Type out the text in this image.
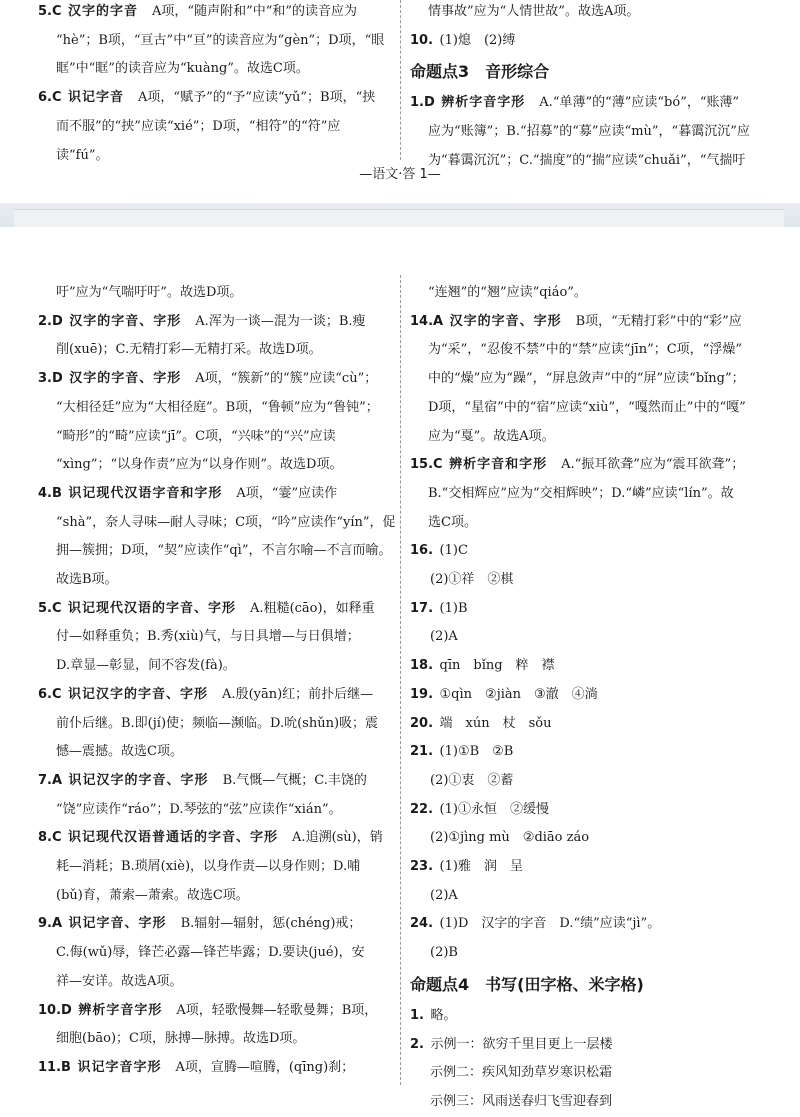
5.C 汉字的字音 A项，“随声附和”中“和”的读音应为
“hè”；B项，“亘古”中“亘”的读音应为“gèn”；D项，“眼
眶”中“眶”的读音应为“kuàng”。故选C项。
6.C 识记字音 A项，“赋予”的“予”应读“yǔ”；B项，“挟
而不服”的“挟”应读“xié”；D项，“相符”的“符”应
读“fú”。
情事故”应为“人情世故”。故选A项。
10. (1)熄　(2)缚
命题点3　音形综合
1.D 辨析字音字形 A.“单薄”的“薄”应读“bó”，“账薄”
应为“账簿”；B.“招募”的“募”应读“mù”，“暮霭沉沉”应
为“暮霭沉沉”；C.“揣度”的“揣”应读“chuǎi”，“气揣吁
—语文·答 1—
吁”应为“气喘吁吁”。故选D项。
2.D 汉字的字音、字形 A.浑为一谈—混为一谈；B.瘦
削(xuē)；C.无精打彩—无精打采。故选D项。
3.D 汉字的字音、字形 A项，“簇新”的“簇”应读“cù”；
“大相径廷”应为“大相径庭”。B项，“鲁顿”应为“鲁钝”；
“畸形”的“畸”应读“jī”。C项，“兴味”的“兴”应读
“xìng”；“以身作责”应为“以身作则”。故选D项。
4.B 识记现代汉语字音和字形 A项，“霎”应读作
“shà”，奈人寻味—耐人寻味；C项，“吟”应读作“yín”，促
拥—簇拥；D项，“契”应读作“qì”，不言尔喻—不言而喻。
故选B项。
5.C 识记现代汉语的字音、字形 A.粗糙(cāo)，如释重
付—如释重负；B.秀(xiù)气，与日具增—与日俱增；
D.章显—彰显，间不容发(fà)。
6.C 识记汉字的字音、字形 A.殷(yān)红；前扑后继—
前仆后继。B.即(jí)使；频临—濒临。D.吮(shǔn)吸；震
憾—震撼。故选C项。
7.A 识记汉字的字音、字形 B.气慨—气概；C.丰饶的
“饶”应读作“ráo”；D.琴弦的“弦”应读作“xián”。
8.C 识记现代汉语普通话的字音、字形 A.追溯(sù)，销
耗—消耗；B.琐屑(xiè)，以身作责—以身作则；D.哺
(bǔ)育，萧索—萧索。故选C项。
9.A 识记字音、字形 B.辐射—辐射，惩(chéng)戒；
C.侮(wǔ)辱，锋芒必露—锋芒毕露；D.要诀(jué)，安
祥—安详。故选A项。
10.D 辨析字音字形 A项，轻歌慢舞—轻歌曼舞；B项，
细胞(bāo)；C项，脉搏—脉搏。故选D项。
11.B 识记字音字形 A项，宣腾—喧腾，(qīng)刹；
“连翘”的“翘”应读“qiáo”。
14.A 汉字的字音、字形 B项，“无精打彩”中的“彩”应
为“采”，“忍俊不禁”中的“禁”应读“jīn”；C项，“浮燥”
中的“燥”应为“躁”，“屏息敛声”中的“屏”应读“bǐng”；
D项，“星宿”中的“宿”应读“xiù”，“嘎然而止”中的“嘎”
应为“戛”。故选A项。
15.C 辨析字音和字形 A.“振耳欲聋”应为“震耳欲聋”；
B.“交相辉应”应为“交相辉映”；D.“嶙”应读“lín”。故
选C项。
16. (1)C
(2)①祥　②棋
17. (1)B
(2)A
18. qīn　bǐng　粹　襟
19. ①qìn　②jiàn　③澈　④淌
20. 端　xún　杖　sǒu
21. (1)①B　②B
(2)①衷　②蓄
22. (1)①永恒　②缓慢
(2)①jìng mù　②diāo záo
23. (1)雅　润　呈
(2)A
24. (1)D　汉字的字音　D.“绩”应读“jì”。
(2)B
命题点4　书写(田字格、米字格)
1. 略。
2. 示例一：欲穷千里目更上一层楼
示例二：疾风知劲草岁寒识松霜
示例三：风雨送春归飞雪迎春到
